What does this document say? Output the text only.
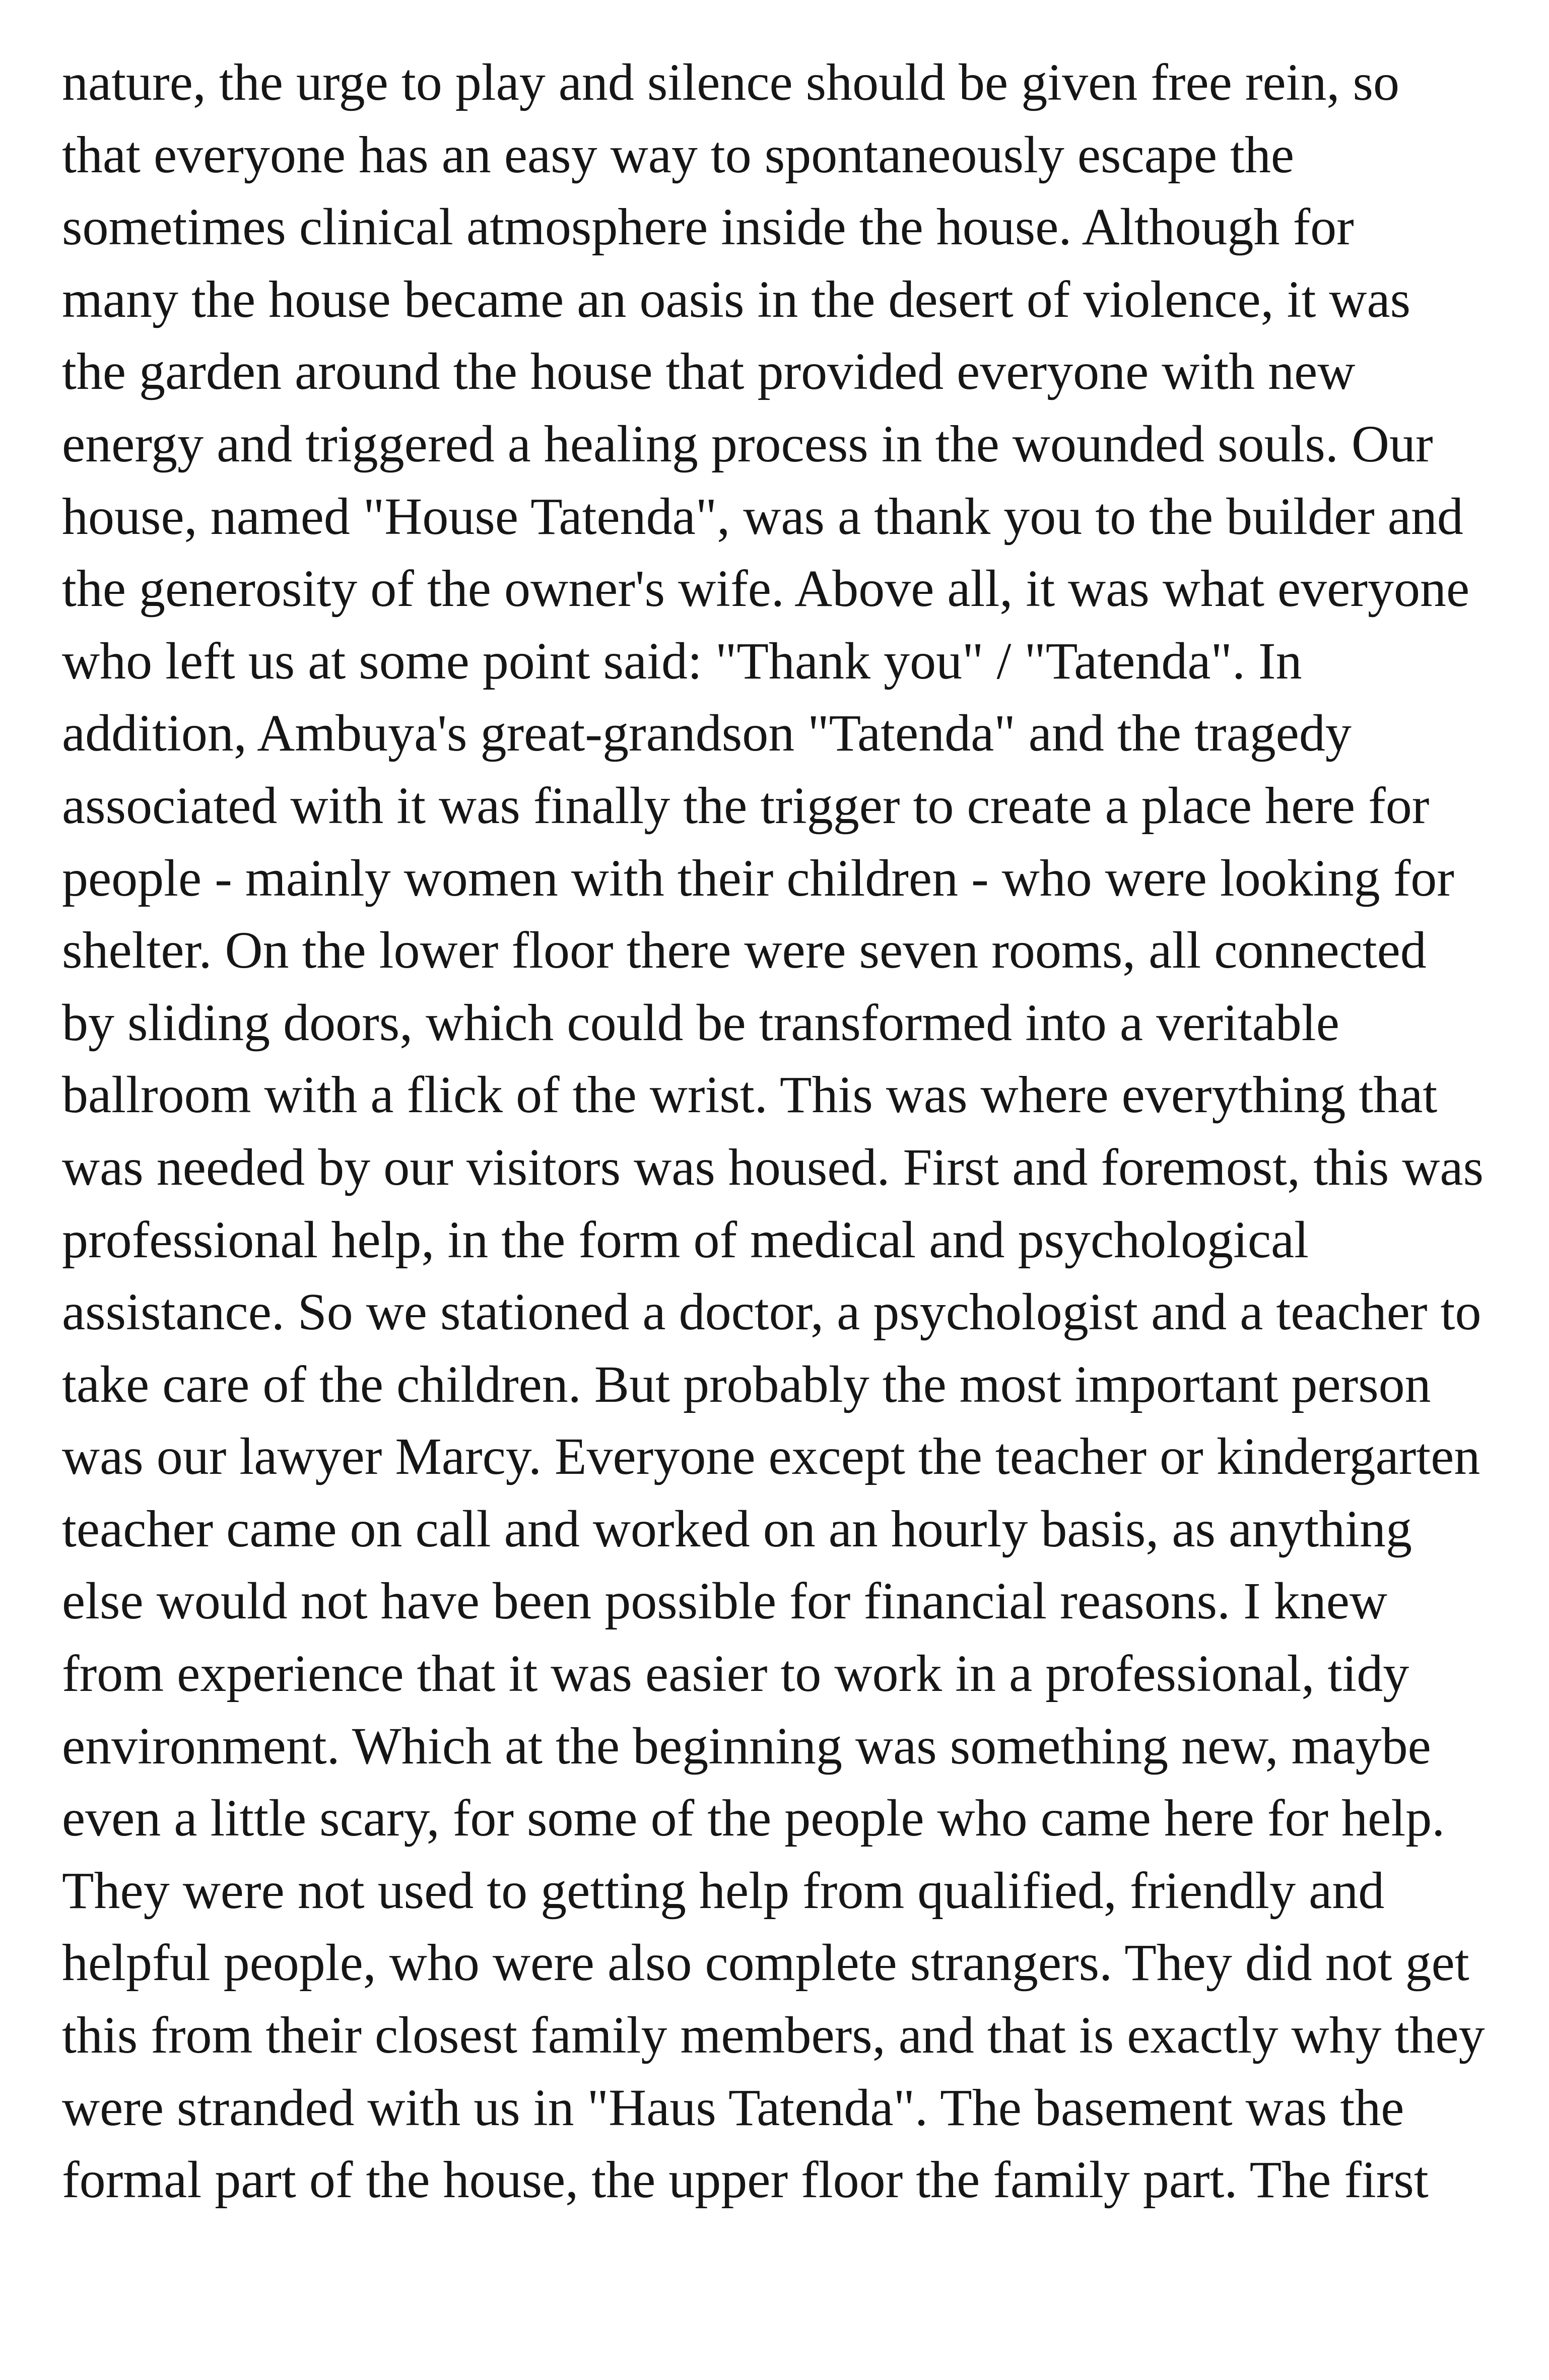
nature, the urge to play and silence should be given free rein, so
that everyone has an easy way to spontaneously escape the
sometimes clinical atmosphere inside the house. Although for
many the house became an oasis in the desert of violence, it was
the garden around the house that provided everyone with new
energy and triggered a healing process in the wounded souls. Our
house, named "House Tatenda", was a thank you to the builder and
the generosity of the owner's wife. Above all, it was what everyone
who left us at some point said: "Thank you" / "Tatenda". In
addition, Ambuya's great-grandson "Tatenda" and the tragedy
associated with it was finally the trigger to create a place here for
people - mainly women with their children - who were looking for
shelter. On the lower floor there were seven rooms, all connected
by sliding doors, which could be transformed into a veritable
ballroom with a flick of the wrist. This was where everything that
was needed by our visitors was housed. First and foremost, this was
professional help, in the form of medical and psychological
assistance. So we stationed a doctor, a psychologist and a teacher to
take care of the children. But probably the most important person
was our lawyer Marcy. Everyone except the teacher or kindergarten
teacher came on call and worked on an hourly basis, as anything
else would not have been possible for financial reasons. I knew
from experience that it was easier to work in a professional, tidy
environment. Which at the beginning was something new, maybe
even a little scary, for some of the people who came here for help.
They were not used to getting help from qualified, friendly and
helpful people, who were also complete strangers. They did not get
this from their closest family members, and that is exactly why they
were stranded with us in "Haus Tatenda". The basement was the
formal part of the house, the upper floor the family part. The first
